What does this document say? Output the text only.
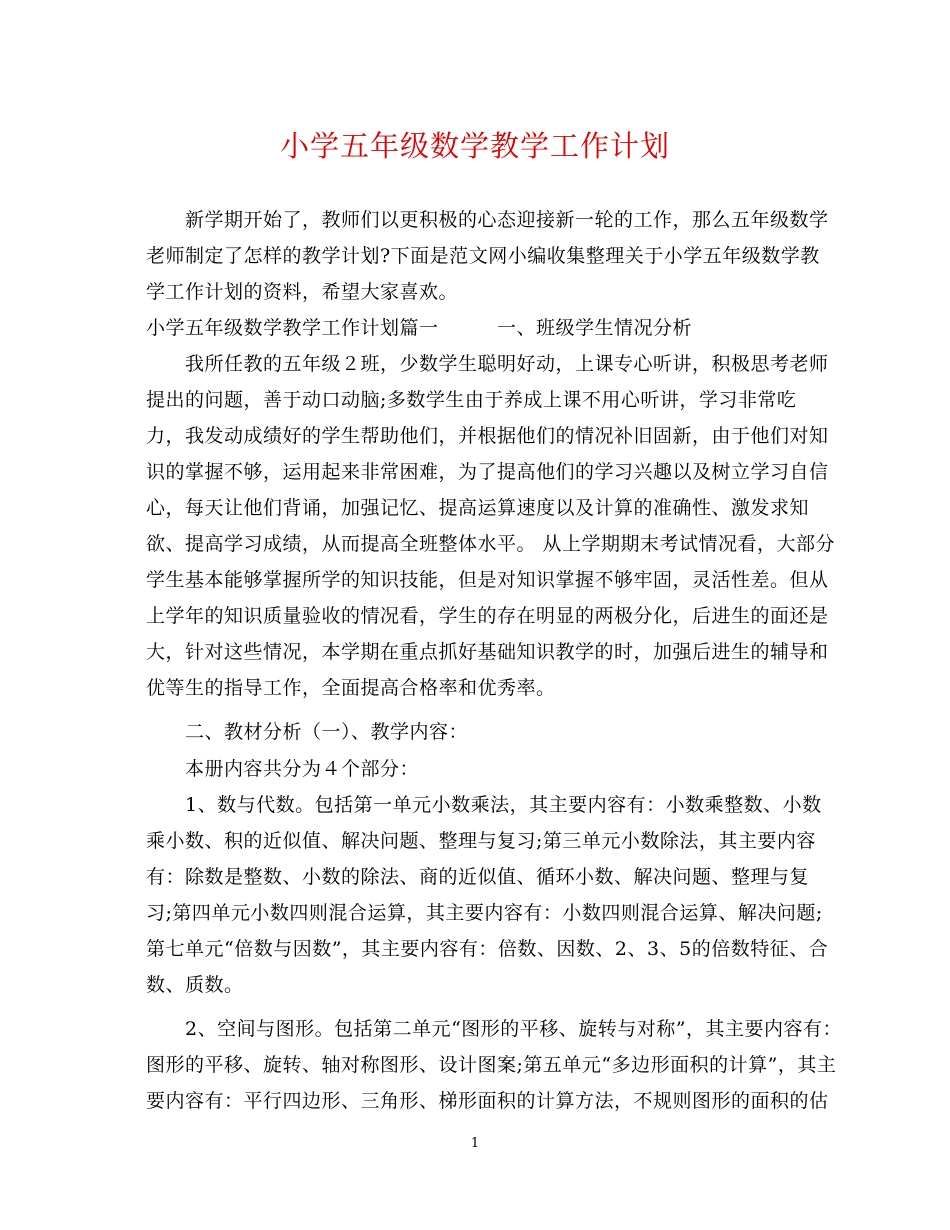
小学五年级数学教学工作计划
　　新学期开始了，教师们以更积极的心态迎接新一轮的工作，那么五年级数学
老师制定了怎样的教学计划?下面是范文网小编收集整理关于小学五年级数学教
学工作计划的资料，希望大家喜欢。
小学五年级数学教学工作计划篇一　　　一、班级学生情况分析
　　我所任教的五年级２班，少数学生聪明好动，上课专心听讲，积极思考老师
提出的问题，善于动口动脑;多数学生由于养成上课不用心听讲，学习非常吃
力，我发动成绩好的学生帮助他们，并根据他们的情况补旧固新，由于他们对知
识的掌握不够，运用起来非常困难，为了提高他们的学习兴趣以及树立学习自信
心，每天让他们背诵，加强记忆、提高运算速度以及计算的准确性、激发求知
欲、提高学习成绩，从而提高全班整体水平。 从上学期期末考试情况看，大部分
学生基本能够掌握所学的知识技能，但是对知识掌握不够牢固，灵活性差。但从
上学年的知识质量验收的情况看，学生的存在明显的两极分化，后进生的面还是
大，针对这些情况，本学期在重点抓好基础知识教学的时，加强后进生的辅导和
优等生的指导工作，全面提高合格率和优秀率。
　　二、教材分析（一）、教学内容：
　　本册内容共分为４个部分：
　　1、数与代数。包括第一单元小数乘法，其主要内容有：小数乘整数、小数
乘小数、积的近似值、解决问题、整理与复习;第三单元小数除法，其主要内容
有：除数是整数、小数的除法、商的近似值、循环小数、解决问题、整理与复
习;第四单元小数四则混合运算，其主要内容有：小数四则混合运算、解决问题;
第七单元“倍数与因数”，其主要内容有：倍数、因数、2、3、5的倍数特征、合
数、质数。
　　2、空间与图形。包括第二单元“图形的平移、旋转与对称”，其主要内容有：
图形的平移、旋转、轴对称图形、设计图案;第五单元“多边形面积的计算”，其主
要内容有：平行四边形、三角形、梯形面积的计算方法，不规则图形的面积的估
1
